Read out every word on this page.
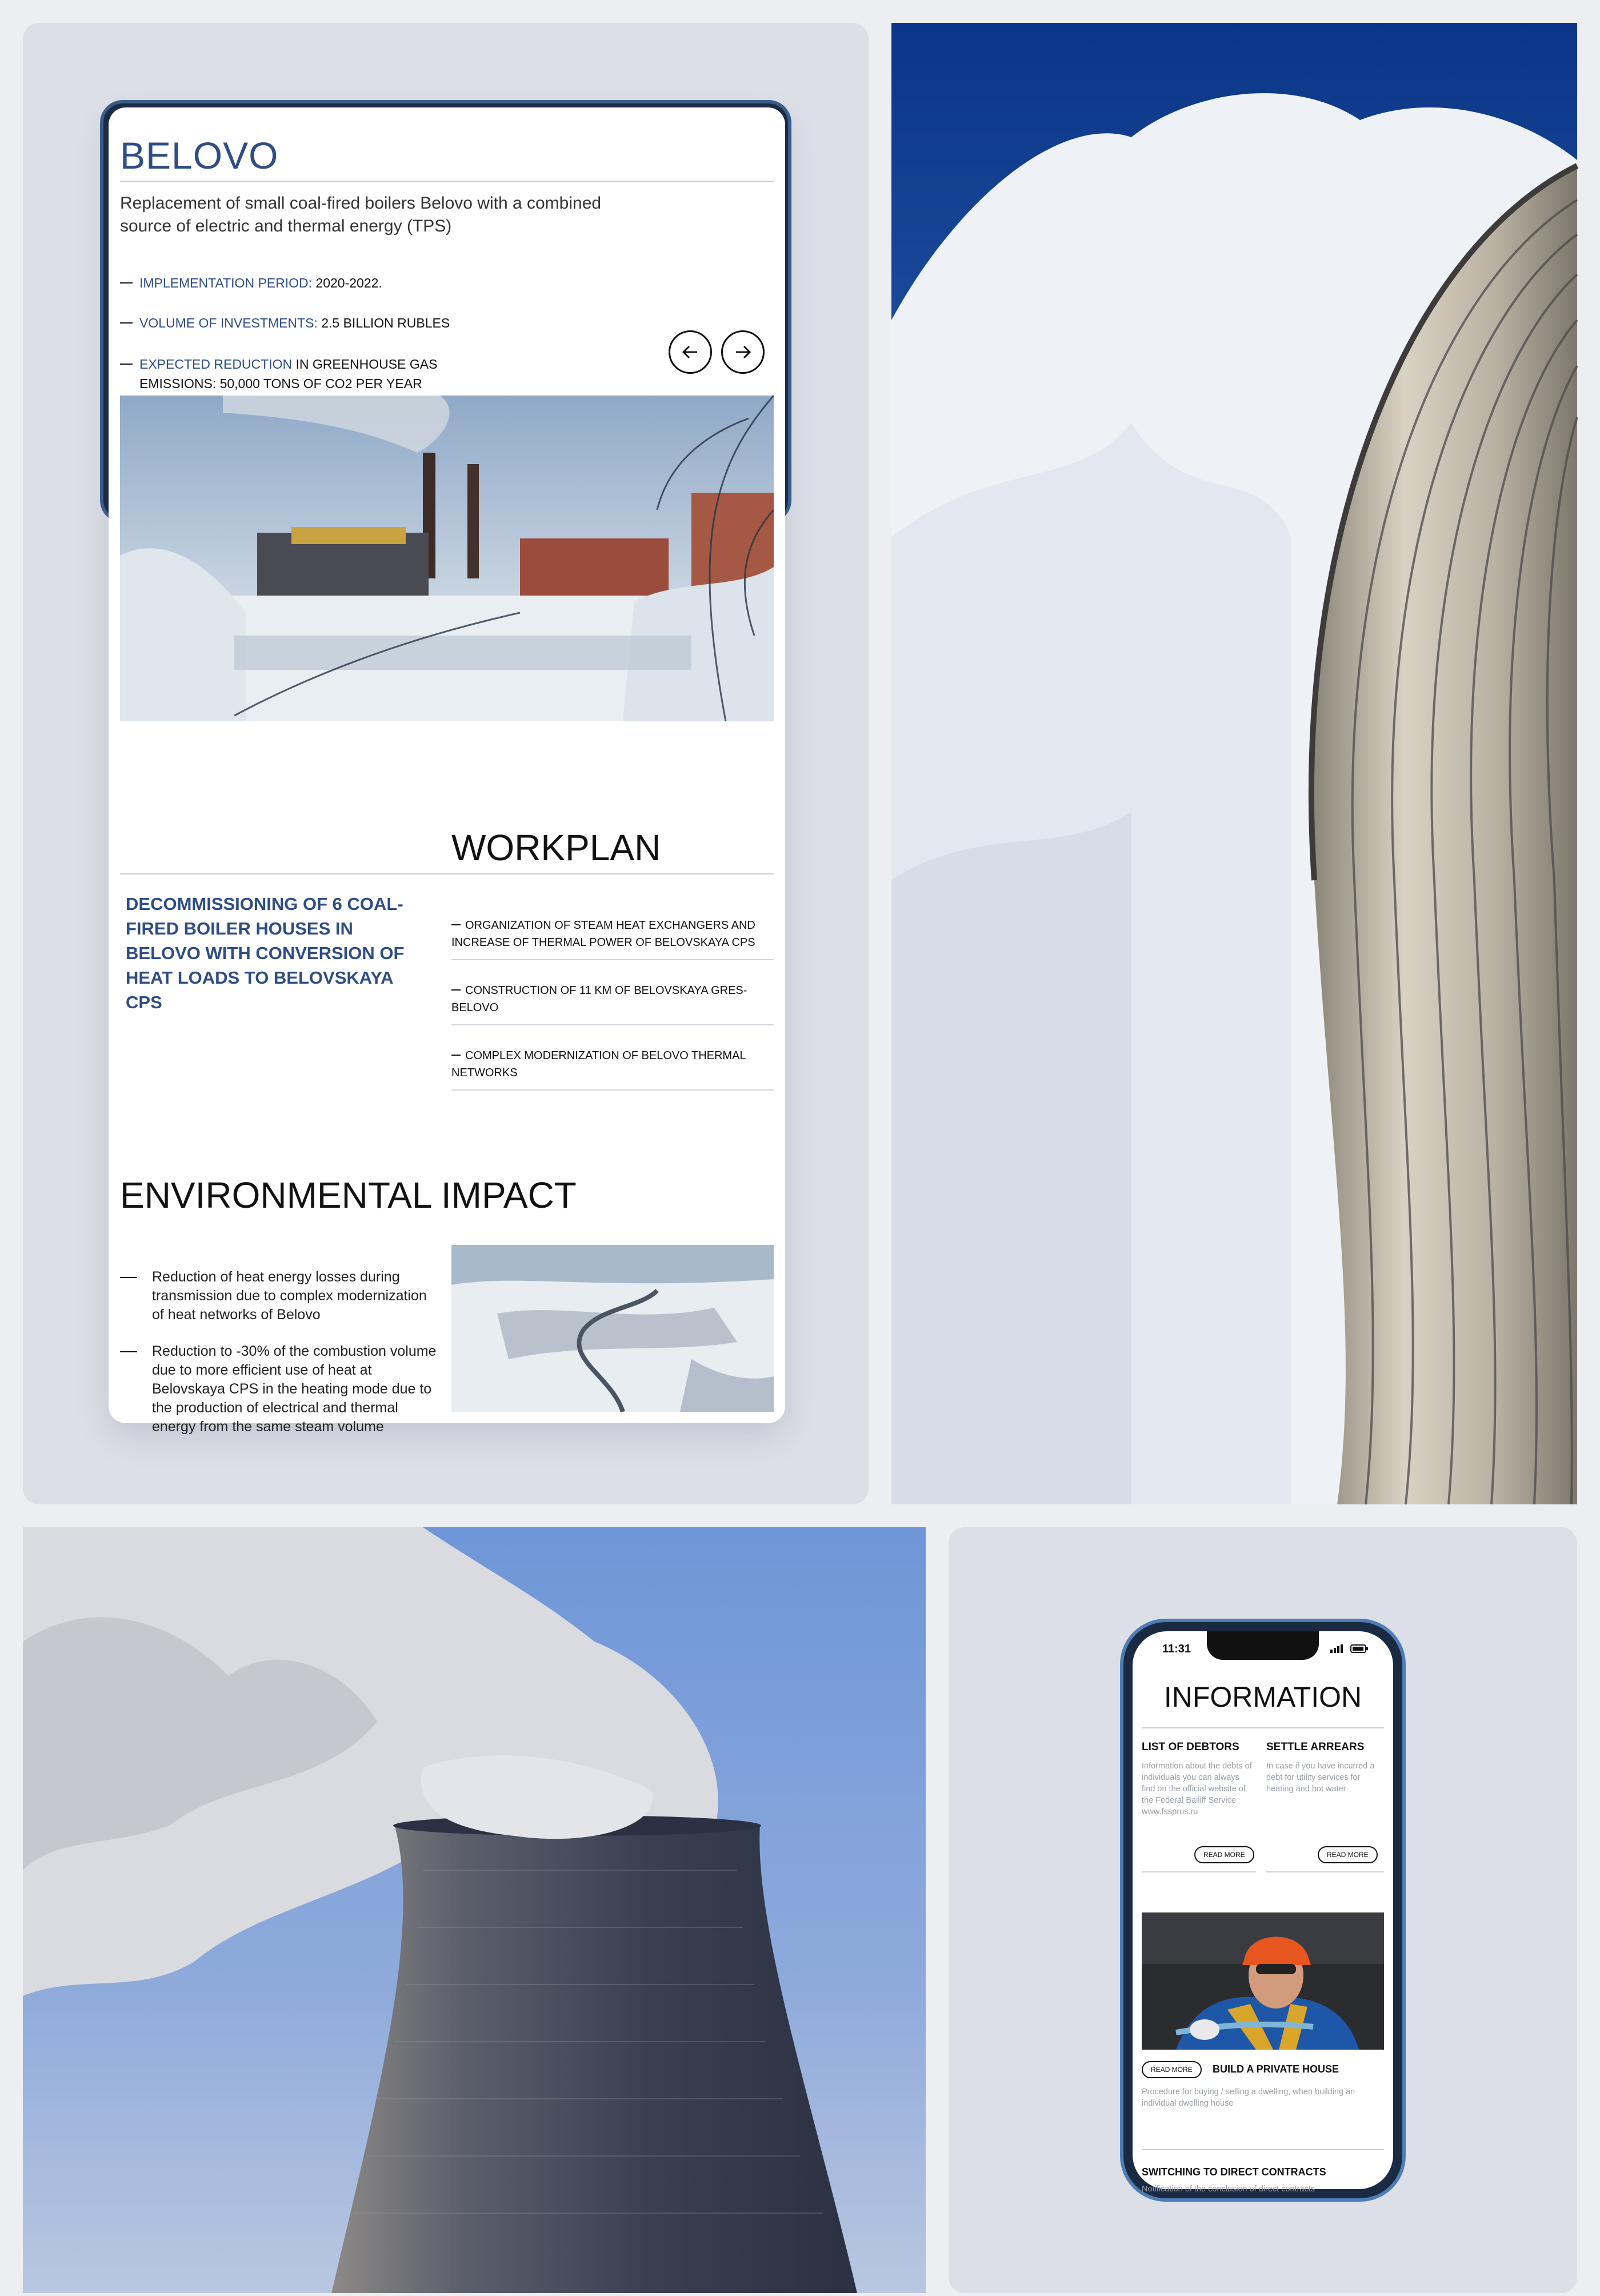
BELOVO
Replacement of small coal-fired boilers Belovo with a combined source of electric and thermal energy (TPS)
IMPLEMENTATION PERIOD: 2020-2022.
VOLUME OF INVESTMENTS: 2.5 BILLION RUBLES
EXPECTED REDUCTION IN GREENHOUSE GAS EMISSIONS: 50,000 TONS OF CO2 PER YEAR
WORKPLAN
DECOMMISSIONING OF 6 COAL-FIRED BOILER HOUSES IN BELOVO WITH CONVERSION OF HEAT LOADS TO BELOVSKAYA CPS
ORGANIZATION OF STEAM HEAT EXCHANGERS AND INCREASE OF THERMAL POWER OF BELOVSKAYA CPS
CONSTRUCTION OF 11 KM OF BELOVSKAYA GRES-BELOVO
COMPLEX MODERNIZATION OF BELOVO THERMAL NETWORKS
ENVIRONMENTAL IMPACT
Reduction of heat energy losses during transmission due to complex modernization of heat networks of Belovo
Reduction to -30% of the combustion volume due to more efficient use of heat at Belovskaya CPS in the heating mode due to the production of electrical and thermal energy from the same steam volume
11:31
INFORMATION
LIST OF DEBTORS
Information about the debts of individuals you can always find on the official website of the Federal Bailiff Service www.fssprus.ru
READ MORE
SETTLE ARREARS
In case if you have incurred a debt for utility services for heating and hot water
READ MORE
READ MORE	BUILD A PRIVATE HOUSE
Procedure for buying / selling a dwelling, when building an individual dwelling house
SWITCHING TO DIRECT CONTRACTS
Notification of the conclusion of direct contracts
